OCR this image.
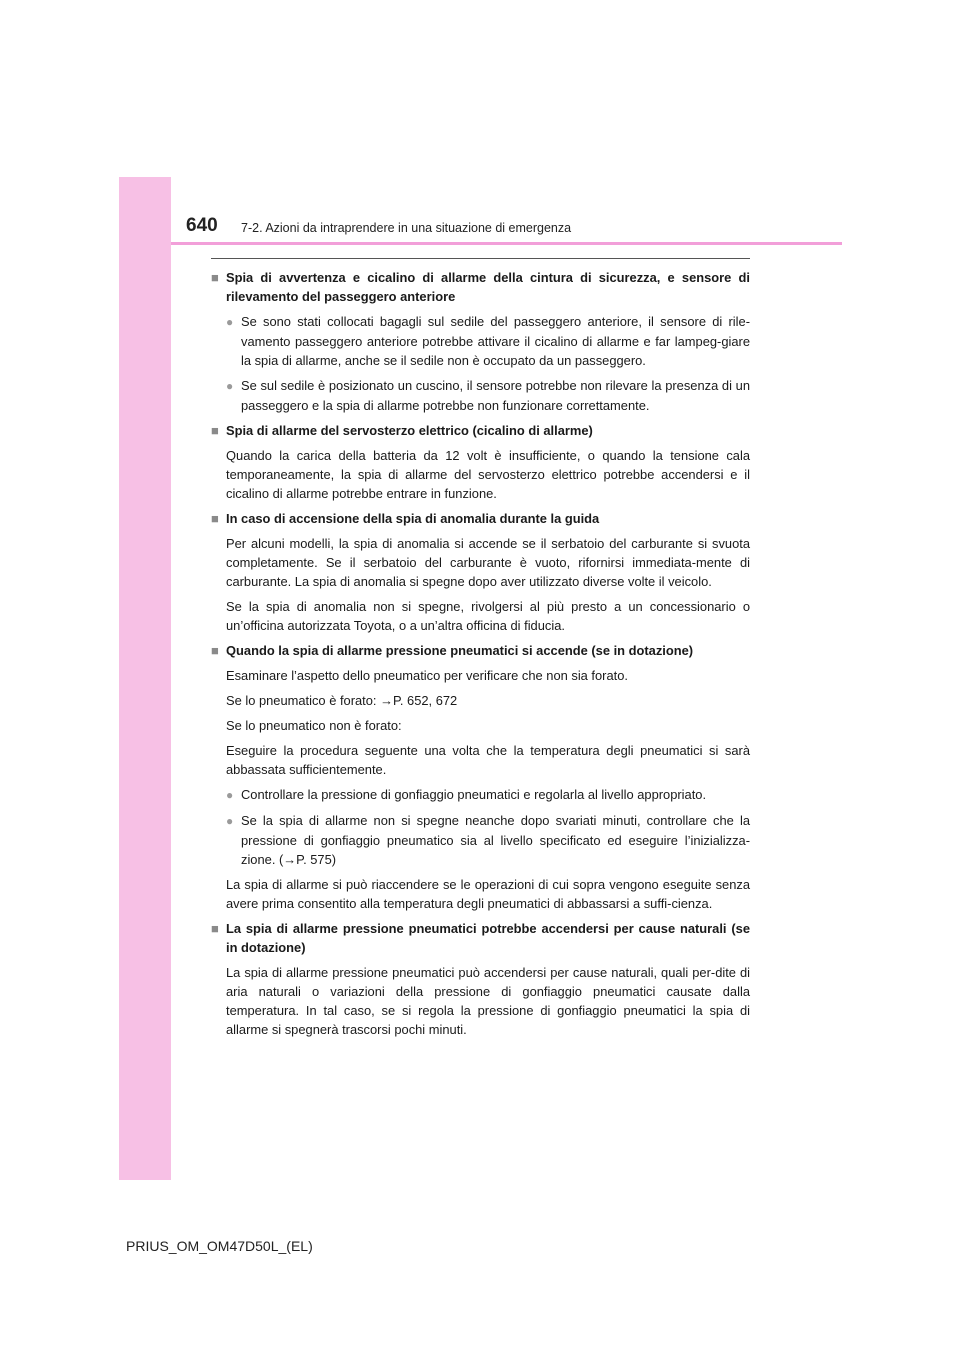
640 7-2. Azioni da intraprendere in una situazione di emergenza
■ Spia di avvertenza e cicalino di allarme della cintura di sicurezza, e sensore di rilevamento del passeggero anteriore
● Se sono stati collocati bagagli sul sedile del passeggero anteriore, il sensore di rile-vamento passeggero anteriore potrebbe attivare il cicalino di allarme e far lampeg-giare la spia di allarme, anche se il sedile non è occupato da un passeggero.
● Se sul sedile è posizionato un cuscino, il sensore potrebbe non rilevare la presenza di un passeggero e la spia di allarme potrebbe non funzionare correttamente.
■ Spia di allarme del servosterzo elettrico (cicalino di allarme)
Quando la carica della batteria da 12 volt è insufficiente, o quando la tensione cala temporaneamente, la spia di allarme del servosterzo elettrico potrebbe accendersi e il cicalino di allarme potrebbe entrare in funzione.
■ In caso di accensione della spia di anomalia durante la guida
Per alcuni modelli, la spia di anomalia si accende se il serbatoio del carburante si svuota completamente. Se il serbatoio del carburante è vuoto, rifornirsi immediata-mente di carburante. La spia di anomalia si spegne dopo aver utilizzato diverse volte il veicolo.
Se la spia di anomalia non si spegne, rivolgersi al più presto a un concessionario o un’officina autorizzata Toyota, o a un’altra officina di fiducia.
■ Quando la spia di allarme pressione pneumatici si accende (se in dotazione)
Esaminare l’aspetto dello pneumatico per verificare che non sia forato.
Se lo pneumatico è forato: →P. 652, 672
Se lo pneumatico non è forato:
Eseguire la procedura seguente una volta che la temperatura degli pneumatici si sarà abbassata sufficientemente.
● Controllare la pressione di gonfiaggio pneumatici e regolarla al livello appropriato.
● Se la spia di allarme non si spegne neanche dopo svariati minuti, controllare che la pressione di gonfiaggio pneumatico sia al livello specificato ed eseguire l’inizializza-zione. (→P. 575)
La spia di allarme si può riaccendere se le operazioni di cui sopra vengono eseguite senza avere prima consentito alla temperatura degli pneumatici di abbassarsi a suffi-cienza.
■ La spia di allarme pressione pneumatici potrebbe accendersi per cause naturali (se in dotazione)
La spia di allarme pressione pneumatici può accendersi per cause naturali, quali per-dite di aria naturali o variazioni della pressione di gonfiaggio pneumatici causate dalla temperatura. In tal caso, se si regola la pressione di gonfiaggio pneumatici la spia di allarme si spegnerà trascorsi pochi minuti.
PRIUS_OM_OM47D50L_(EL)
